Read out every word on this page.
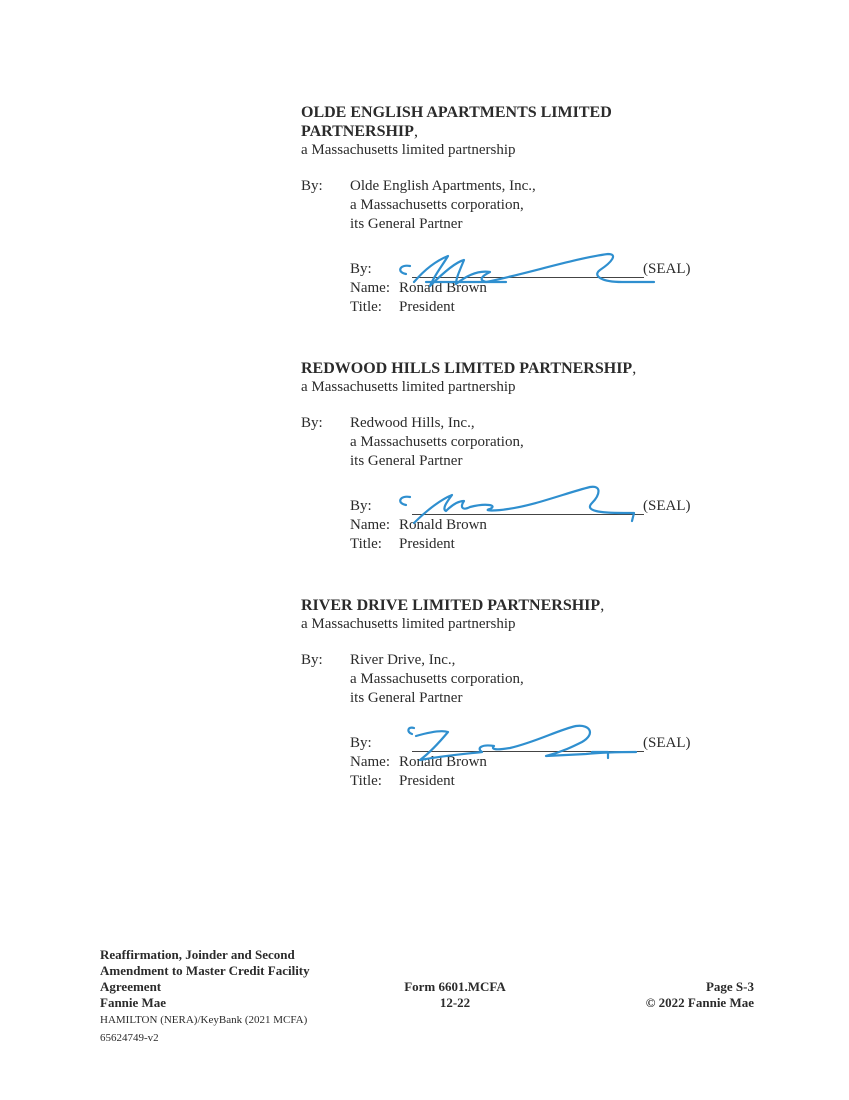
OLDE ENGLISH APARTMENTS LIMITED PARTNERSHIP,

a Massachusetts limited partnership

By: Olde English Apartments, Inc.,
a Massachusetts corporation,
its General Partner
By:	(SEAL)
Name: Ronald Brown
Title: President

REDWOOD HILLS LIMITED PARTNERSHIP,

a Massachusetts limited partnership

By: Redwood Hills, Inc.,
a Massachusetts corporation,
its General Partner
By:	(SEAL)
Name: Ronald Brown
Title: President

RIVER DRIVE LIMITED PARTNERSHIP,

a Massachusetts limited partnership

By: River Drive, Inc.,
a Massachusetts corporation,
its General Partner
By:	(SEAL)
Name: Ronald Brown
Title: President
Reaffirmation, Joinder and Second
Amendment to Master Credit Facility
Agreement
Fannie Mae
HAMILTON (NERA)/KeyBank (2021 MCFA)
65624749-v2
Form 6601.MCFA
12-22
Page S-3
© 2022 Fannie Mae
